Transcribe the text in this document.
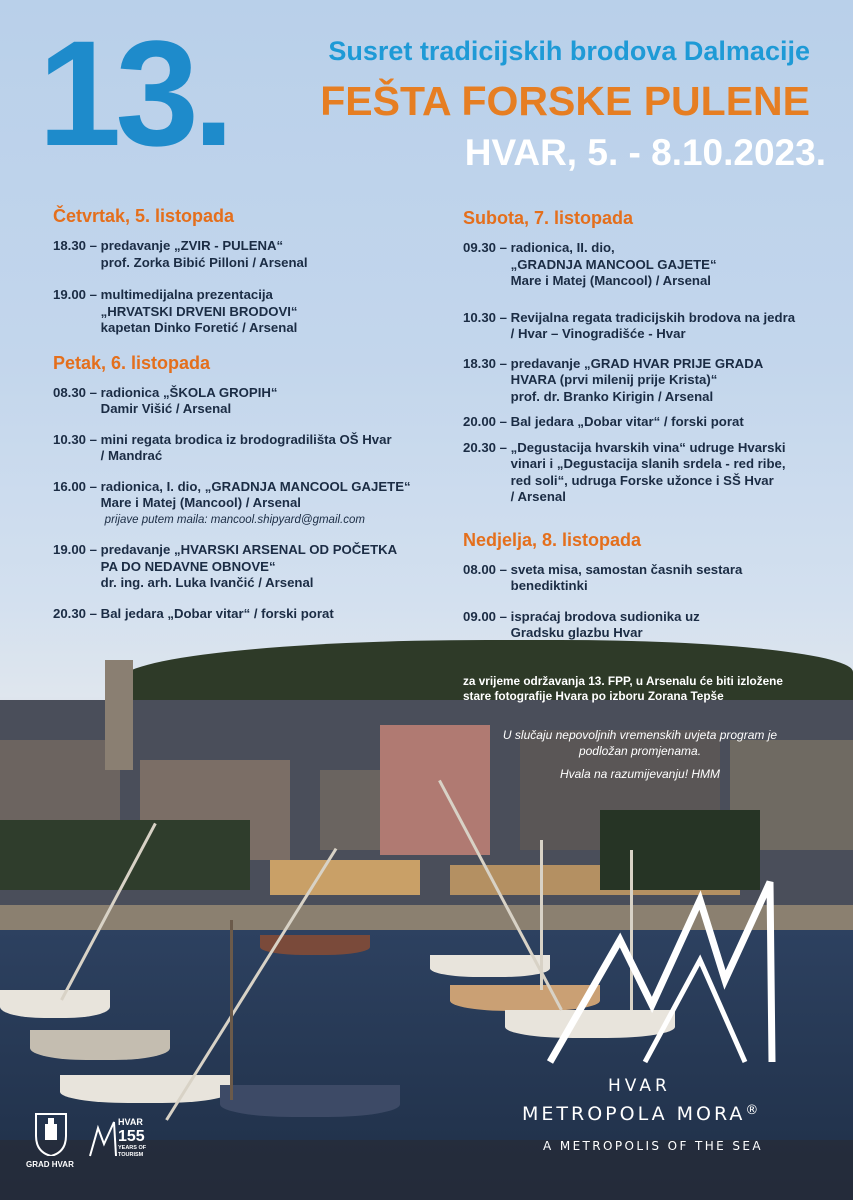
13.	Susret tradicijskih brodova Dalmacije
FEŠTA FORSKE PULENE
HVAR, 5. - 8.10.2023.

Četvrtak, 5. listopada

18.30 –
predavanje „ZVIR - PULENA“
prof. Zorka Bibić Pilloni / Arsenal
19.00 –
multimedijalna prezentacija
„HRVATSKI DRVENI BRODOVI“
kapetan Dinko Foretić / Arsenal

Petak, 6. listopada

08.30 –
radionica „ŠKOLA GROPIH“
Damir Višić / Arsenal
10.30 –
mini regata brodica iz brodogradilišta OŠ Hvar
/ Mandrać
16.00 –
radionica, I. dio, „GRADNJA MANCOOL GAJETE“
Mare i Matej (Mancool) / Arsenal
prijave putem maila: mancool.shipyard@gmail.com
19.00 –
predavanje „HVARSKI ARSENAL OD POČETKA
PA DO NEDAVNE OBNOVE“
dr. ing. arh. Luka Ivančić / Arsenal
20.30 –
Bal jedara „Dobar vitar“ / forski porat

Subota, 7. listopada

09.30 –
radionica, II. dio,
„GRADNJA MANCOOL GAJETE“
Mare i Matej (Mancool) / Arsenal
10.30 –
Revijalna regata tradicijskih brodova na jedra
/ Hvar – Vinogradišće - Hvar
18.30 –
predavanje „GRAD HVAR PRIJE GRADA
HVARA (prvi milenij prije Krista)“
prof. dr. Branko Kirigin / Arsenal
20.00 –
Bal jedara „Dobar vitar“ / forski porat
20.30 –
„Degustacija hvarskih vina“ udruge Hvarski
vinari i „Degustacija slanih srdela - red ribe,
red soli“, udruga Forske užonce i SŠ Hvar
/ Arsenal

Nedjelja, 8. listopada

08.00 –
sveta misa, samostan časnih sestara
benediktinki
09.00 –
ispraćaj brodova sudionika uz
Gradsku glazbu Hvar
za vrijeme održavanja 13. FPP, u Arsenalu će biti izložene
stare fotografije Hvara po izboru Zorana Tepše
U slučaju nepovoljnih vremenskih uvjeta program je
podložan promjenama.
Hvala na razumijevanju! HMM
HVAR
METROPOLA MORA®
A METROPOLIS OF THE SEA
GRAD HVAR
HVAR
155
YEARS OF TOURISM
